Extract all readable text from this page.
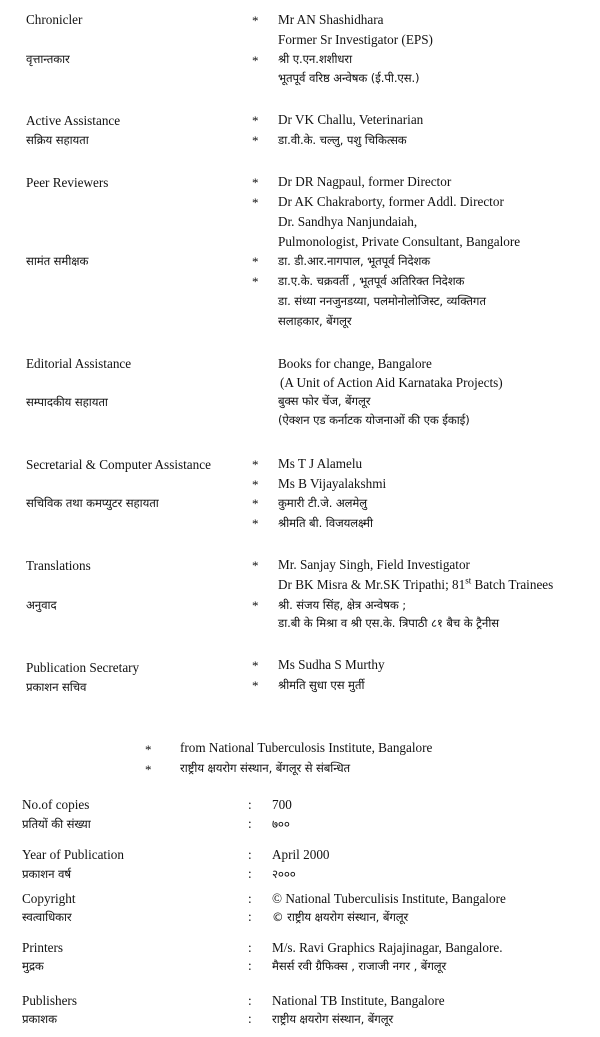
Chronicler	* Mr AN Shashidhara
Former Sr Investigator (EPS)
वृत्तान्तकार	* श्री ए.एन.शशीधरा
भूतपूर्व वरिष्ठ अन्वेषक (ई.पी.एस.)
Active Assistance	* Dr VK Challu, Veterinarian
सक्रिय सहायता	* डा.वी.के. चल्लु, पशु चिकित्सक
Peer Reviewers	* Dr DR Nagpaul, former Director
* Dr AK Chakraborty, former Addl. Director
Dr. Sandhya Nanjundaiah,
Pulmonologist, Private Consultant, Bangalore
सामंत समीक्षक	* डा. डी.आर.नागपाल, भूतपूर्व निदेशक
* डा.ए.के. चक्रवर्ती , भूतपूर्व अतिरिक्त निदेशक
डा. संध्या ननजुनडय्या, पलमोनोलोजिस्ट, व्यक्तिगत
सलाहकार, बेंगलूर
Editorial Assistance	Books for change, Bangalore
(A Unit of Action Aid Karnataka Projects)
सम्पादकीय सहायता	बुक्स फोर चेंज, बेंगलूर
(ऐक्शन एड कर्नाटक योजनाओं की एक ईकाई)
Secretarial & Computer Assistance	* Ms T J Alamelu
* Ms B Vijayalakshmi
सचिविक तथा कमप्युटर सहायता	* कुमारी टी.जे. अलमेलु
* श्रीमति बी. विजयलक्ष्मी
Translations	* Mr. Sanjay Singh, Field Investigator
Dr BK Misra & Mr.SK Tripathi; 81st Batch Trainees
अनुवाद	* श्री. संजय सिंह, क्षेत्र अन्वेषक ;
डा.बी के मिश्रा व श्री एस.के. त्रिपाठी ८१ बैच के ट्रैनीस
Publication Secretary	* Ms Sudha S Murthy
प्रकाशन सचिव	* श्रीमति सुधा एस मुर्ती
* from National Tuberculosis Institute, Bangalore
* राष्ट्रीय क्षयरोग संस्थान, बेंगलूर से संबन्धित
No.of copies	: 700
प्रतियों की संख्या	: ७००
Year of Publication	: April 2000
प्रकाशन वर्ष	: २०००
Copyright	: © National Tuberculisis Institute, Bangalore
स्वत्वाधिकार	: © राष्ट्रीय क्षयरोग संस्थान, बेंगलूर
Printers	: M/s. Ravi Graphics Rajajinagar, Bangalore.
मुद्रक	: मैसर्स रवी ग्रैफिक्स , राजाजी नगर , बेंगलूर
Publishers	: National TB Institute, Bangalore
प्रकाशक	: राष्ट्रीय क्षयरोग संस्थान, बेंगलूर
